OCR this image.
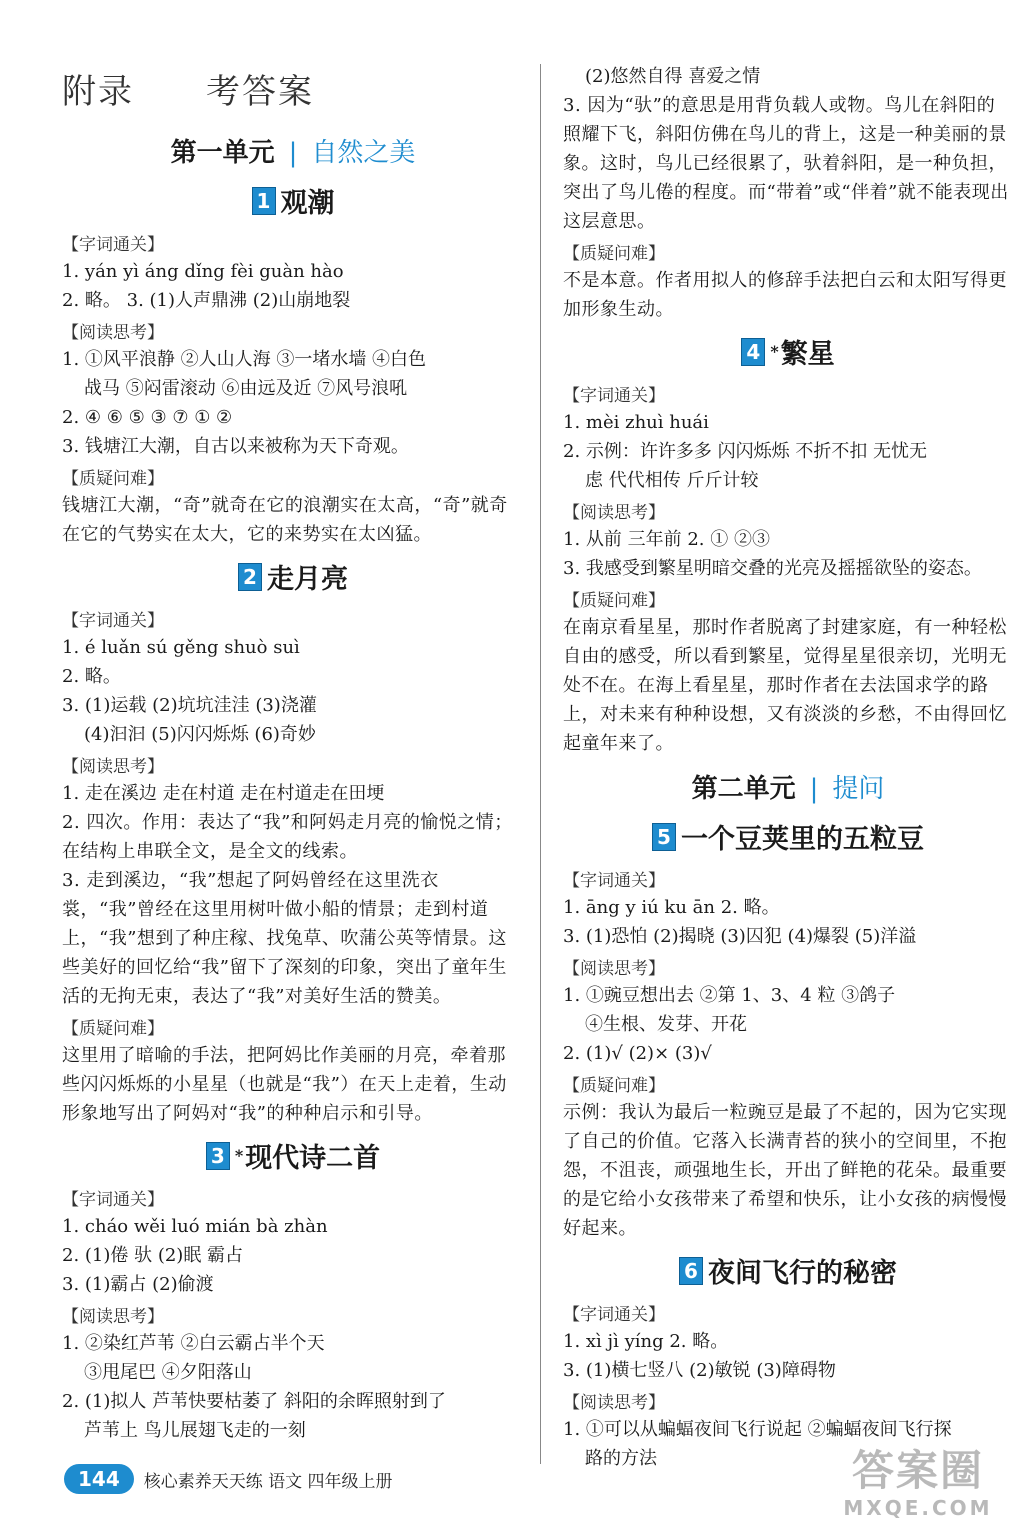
附录 考答案
第一单元 | 自然之美
1 观潮
【字词通关】
1. yán yì áng dǐng fèi guàn hào
2. 略。 3. (1)人声鼎沸 (2)山崩地裂
【阅读思考】
1. ①风平浪静 ②人山人海 ③一堵水墙 ④白色
战马 ⑤闷雷滚动 ⑥由远及近 ⑦风号浪吼
2. ④ ⑥ ⑤ ③ ⑦ ① ②
3. 钱塘江大潮，自古以来被称为天下奇观。
【质疑问难】
钱塘江大潮，“奇”就奇在它的浪潮实在太高，“奇”就奇在它的气势实在太大，它的来势实在太凶猛。
2 走月亮
【字词通关】
1. é luǎn sú gěng shuò suì
2. 略。
3. (1)运载 (2)坑坑洼洼 (3)浇灌
(4)汩汩 (5)闪闪烁烁 (6)奇妙
【阅读思考】
1. 走在溪边 走在村道 走在村道走在田埂
2. 四次。作用：表达了“我”和阿妈走月亮的愉悦之情；在结构上串联全文，是全文的线索。
3. 走到溪边，“我”想起了阿妈曾经在这里洗衣裳，“我”曾经在这里用树叶做小船的情景；走到村道上，“我”想到了种庄稼、找兔草、吹蒲公英等情景。这些美好的回忆给“我”留下了深刻的印象，突出了童年生活的无拘无束，表达了“我”对美好生活的赞美。
【质疑问难】
这里用了暗喻的手法，把阿妈比作美丽的月亮，牵着那些闪闪烁烁的小星星（也就是“我”）在天上走着，生动形象地写出了阿妈对“我”的种种启示和引导。
3 * 现代诗二首
【字词通关】
1. cháo wěi luó mián bà zhàn
2. (1)倦 驮 (2)眠 霸占
3. (1)霸占 (2)偷渡
【阅读思考】
1. ②染红芦苇 ②白云霸占半个天
③甩尾巴 ④夕阳落山
2. (1)拟人 芦苇快要枯萎了 斜阳的余晖照射到了
芦苇上 鸟儿展翅飞走的一刻
(2)悠然自得 喜爱之情
3. 因为“驮”的意思是用背负载人或物。鸟儿在斜阳的照耀下飞，斜阳仿佛在鸟儿的背上，这是一种美丽的景象。这时，鸟儿已经很累了，驮着斜阳，是一种负担，突出了鸟儿倦的程度。而“带着”或“伴着”就不能表现出这层意思。
【质疑问难】
不是本意。作者用拟人的修辞手法把白云和太阳写得更加形象生动。
4 * 繁星
【字词通关】
1. mèi zhuì huái
2. 示例：许许多多 闪闪烁烁 不折不扣 无忧无
虑 代代相传 斤斤计较
【阅读思考】
1. 从前 三年前 2. ① ②③
3. 我感受到繁星明暗交叠的光亮及摇摇欲坠的姿态。
【质疑问难】
在南京看星星，那时作者脱离了封建家庭，有一种轻松自由的感受，所以看到繁星，觉得星星很亲切，光明无处不在。在海上看星星，那时作者在去法国求学的路上，对未来有种种设想，又有淡淡的乡愁，不由得回忆起童年来了。
第二单元 | 提问
5 一个豆荚里的五粒豆
【字词通关】
1. āng y iú ku ān 2. 略。
3. (1)恐怕 (2)揭晓 (3)囚犯 (4)爆裂 (5)洋溢
【阅读思考】
1. ①豌豆想出去 ②第 1、3、4 粒 ③鸽子
④生根、发芽、开花
2. (1)√ (2)× (3)√
【质疑问难】
示例：我认为最后一粒豌豆是最了不起的，因为它实现了自己的价值。它落入长满青苔的狭小的空间里，不抱怨，不沮丧，顽强地生长，开出了鲜艳的花朵。最重要的是它给小女孩带来了希望和快乐，让小女孩的病慢慢好起来。
6 夜间飞行的秘密
【字词通关】
1. xì jì yíng 2. 略。
3. (1)横七竖八 (2)敏锐 (3)障碍物
【阅读思考】
1. ①可以从蝙蝠夜间飞行说起 ②蝙蝠夜间飞行探
路的方法
144	核心素养天天练 语文 四年级上册	答案圈
MXQE.COM
